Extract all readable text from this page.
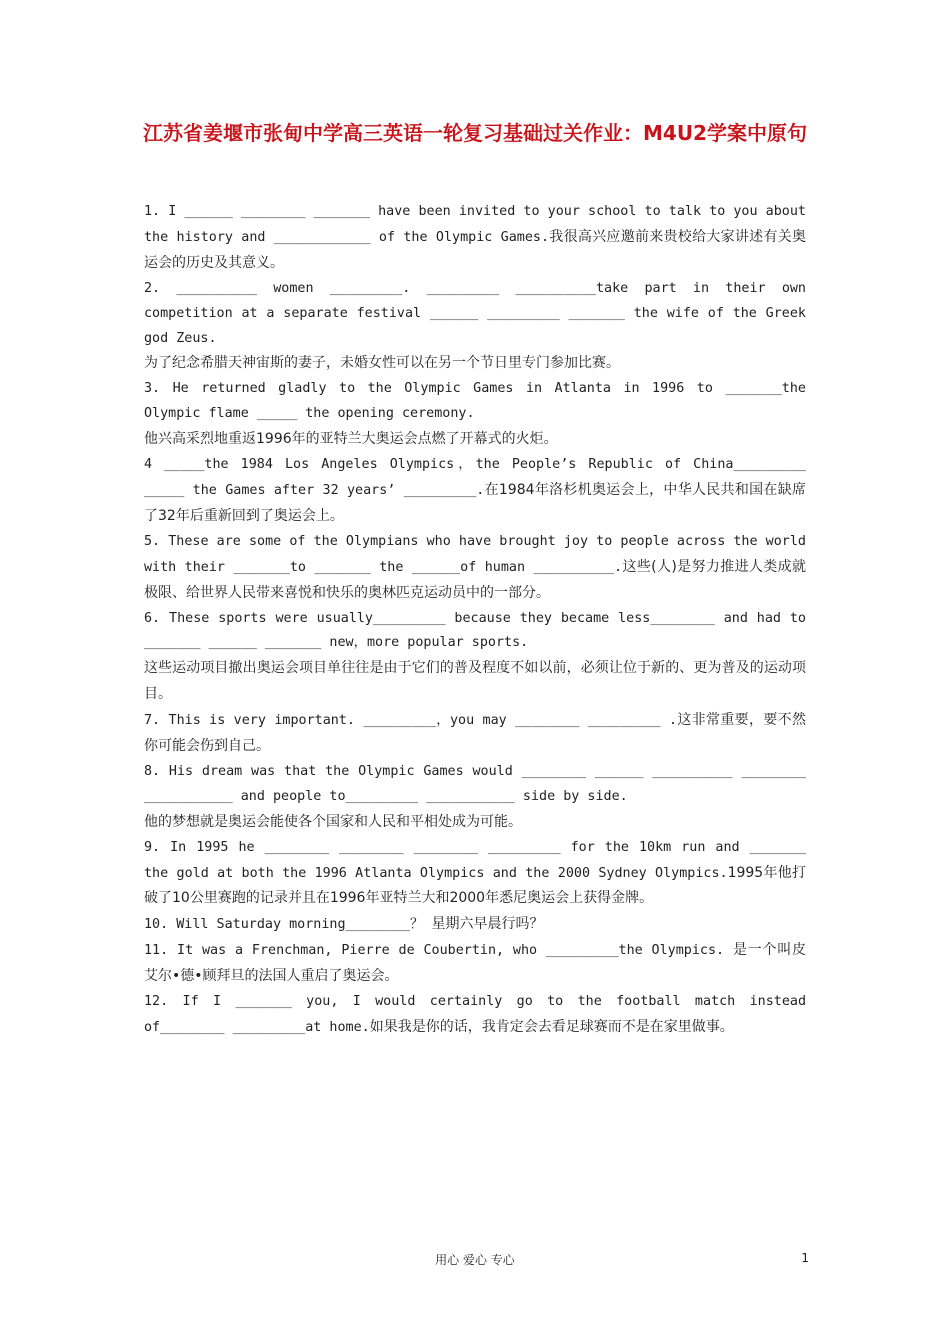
江苏省姜堰市张甸中学高三英语一轮复习基础过关作业：M4U2学案中原句

1. I ______ ________ _______ have been invited to your school to talk to you about the history and ____________ of the Olympic Games.我很高兴应邀前来贵校给大家讲述有关奥运会的历史及其意义。

2. __________ women _________. _________ __________take part in their own competition at a separate festival ______ _________ _______ the wife of the Greek god Zeus.
为了纪念希腊天神宙斯的妻子，未婚女性可以在另一个节日里专门参加比赛。

3. He returned gladly to the Olympic Games in Atlanta in 1996 to _______the Olympic flame _____ the opening ceremony.
他兴高采烈地重返1996年的亚特兰大奥运会点燃了开幕式的火炬。

4 _____the 1984 Los Angeles Olympics，the People’s Republic of China_________ _____ the Games after 32 years’ _________.在1984年洛杉机奥运会上，中华人民共和国在缺席了32年后重新回到了奥运会上。

5. These are some of the Olympians who have brought joy to people across the world with their _______to _______ the ______of human __________.这些(人)是努力推进人类成就极限、给世界人民带来喜悦和快乐的奥林匹克运动员中的一部分。

6. These sports were usually_________ because they became less________ and had to _______ ______ _______ new，more popular sports.
这些运动项目撤出奥运会项目单往往是由于它们的普及程度不如以前，必须让位于新的、更为普及的运动项目。

7. This is very important. _________，you may ________ _________ .这非常重要，要不然你可能会伤到自己。

8. His dream was that the Olympic Games would ________ ______ __________ ________ ___________ and people to_________ ___________ side by side.
他的梦想就是奥运会能使各个国家和人民和平相处成为可能。

9. In 1995 he ________ ________ ________ _________ for the 10km run and _______ the gold at both the 1996 Atlanta Olympics and the 2000 Sydney Olympics.1995年他打破了10公里赛跑的记录并且在1996年亚特兰大和2000年悉尼奥运会上获得金牌。

10. Will Saturday morning________？ 星期六早晨行吗？

11. It was a Frenchman, Pierre de Coubertin, who _________the Olympics. 是一个叫皮艾尔•德•顾拜旦的法国人重启了奥运会。

12. If I _______ you, I would certainly go to the football match instead of________ _________at home.如果我是你的话，我肯定会去看足球赛而不是在家里做事。

用心 爱心 专心	1
